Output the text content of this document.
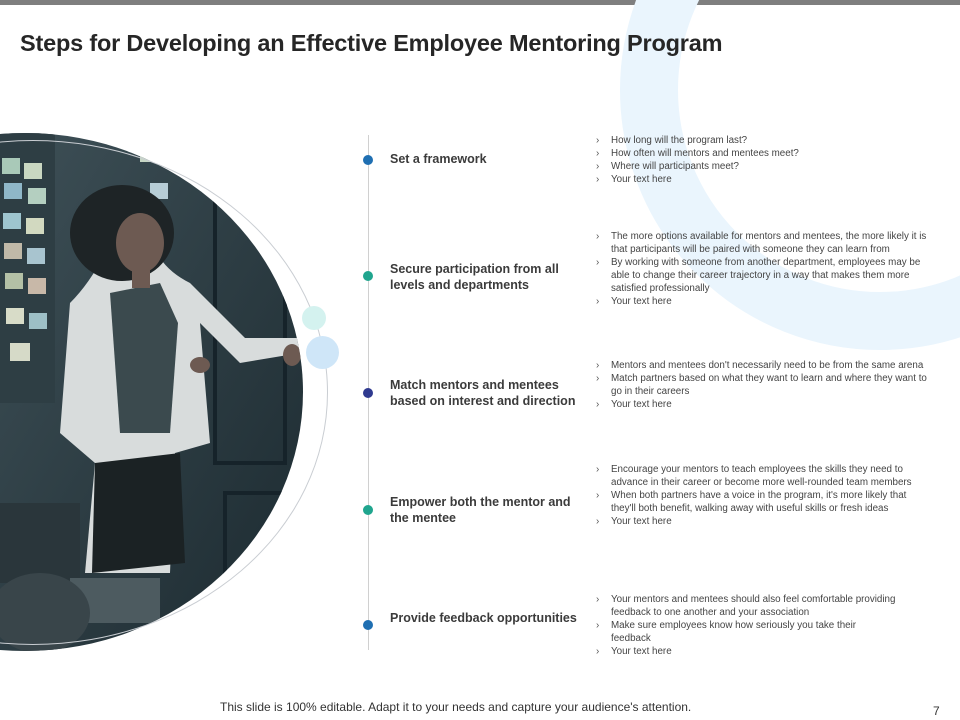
Steps for Developing an Effective Employee Mentoring Program
Set a framework
Secure participation from all levels and departments
Match mentors and mentees based on interest and direction
Empower both the mentor and the mentee
Provide feedback opportunities
› How long will the program last?
› How often will mentors and mentees meet?
› Where will participants meet?
› Your text here
› The more options available for mentors and mentees, the more likely it is that participants will be paired with someone they can learn from
› By working with someone from another department, employees may be able to change their career trajectory in a way that makes them more satisfied professionally
› Your text here
› Mentors and mentees don't necessarily need to be from the same arena
› Match partners based on what they want to learn and where they want to go in their careers
› Your text here
› Encourage your mentors to teach employees the skills they need to advance in their career or become more well-rounded team members
› When both partners have a voice in the program, it's more likely that they'll both benefit, walking away with useful skills or fresh ideas
› Your text here
› Your mentors and mentees should also feel comfortable providing feedback to one another and your association
› Make sure employees know how seriously you take their feedback
› Your text here
This slide is 100% editable. Adapt it to your needs and capture your audience's attention.	7
